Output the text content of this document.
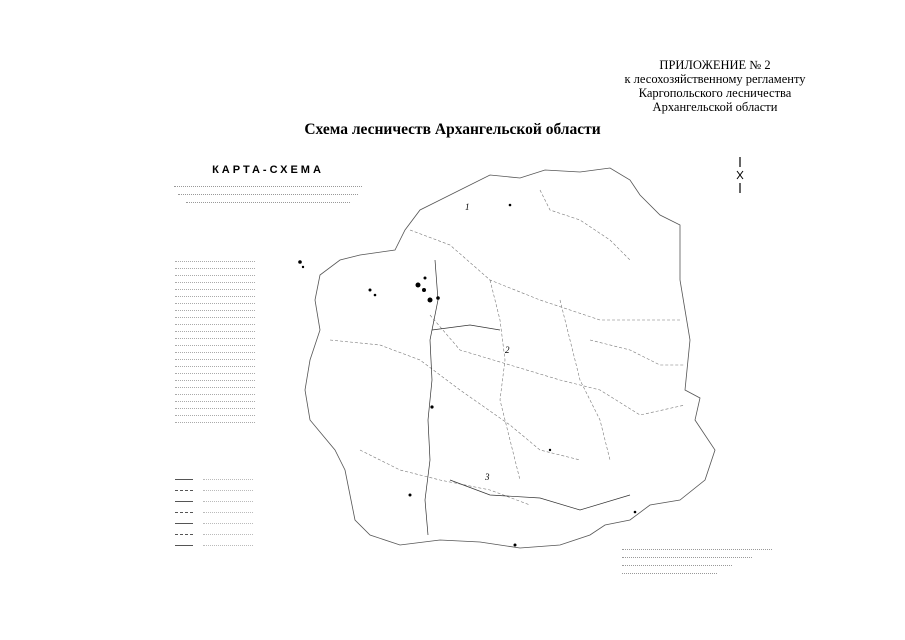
ПРИЛОЖЕНИЕ № 2
к лесохозяйственному регламенту
Каргопольского лесничества
Архангельской области
Схема лесничеств Архангельской области

КАРТА-СХЕМА

1
2
3
